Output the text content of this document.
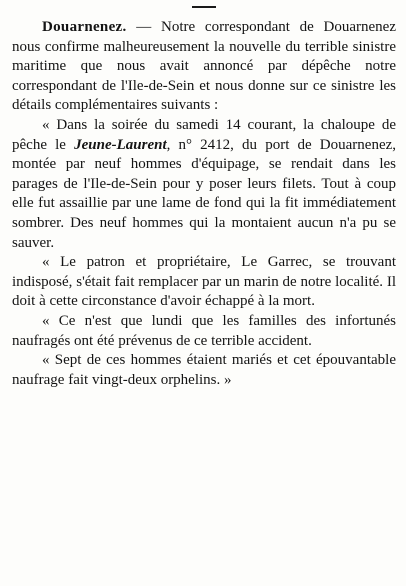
Douarnenez. — Notre correspondant de Douarnenez nous confirme malheureusement la nouvelle du terrible sinistre maritime que nous avait annoncé par dépêche notre correspondant de l'Ile-de-Sein et nous donne sur ce sinistre les détails complémentaires suivants :

« Dans la soirée du samedi 14 courant, la chaloupe de pêche le Jeune-Laurent, n° 2412, du port de Douarnenez, montée par neuf hommes d'équipage, se rendait dans les parages de l'Ile-de-Sein pour y poser leurs filets. Tout à coup elle fut assaillie par une lame de fond qui la fit immédiatement sombrer. Des neuf hommes qui la montaient aucun n'a pu se sauver.

« Le patron et propriétaire, Le Garrec, se trouvant indisposé, s'était fait remplacer par un marin de notre localité. Il doit à cette circonstance d'avoir échappé à la mort.

« Ce n'est que lundi que les familles des infortunés naufragés ont été prévenus de ce terrible accident.

« Sept de ces hommes étaient mariés et cet épouvantable naufrage fait vingt-deux orphelins. »
